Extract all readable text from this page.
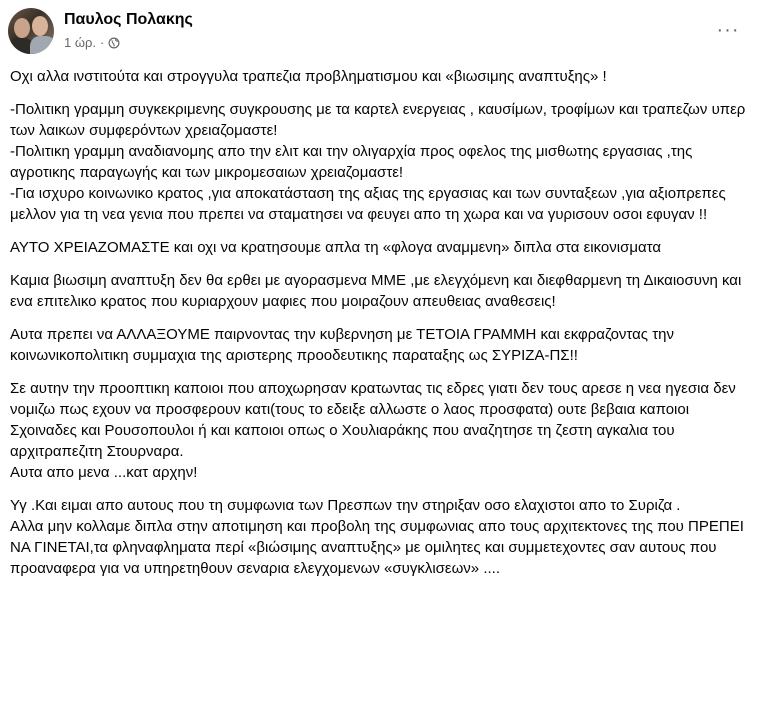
Παυλος Πολακης
1 ώρ. ·
···

Οχι αλλα ινστιτούτα και στρογγυλα τραπεζια προβληματισμου και «βιωσιμης αναπτυξης» !

-Πολιτικη γραμμη συγκεκριμενης συγκρουσης με τα καρτελ ενεργειας , καυσίμων, τροφίμων και τραπεζων υπερ των λαικων συμφερόντων χρειαζομαστε!
-Πολιτικη γραμμη αναδιανομης απο την ελιτ και την ολιγαρχία προς οφελος της μισθωτης εργασιας ,της αγροτικης παραγωγής και των μικρομεσαιων χρειαζομαστε!
-Για ισχυρο κοινωνικο κρατος ,για αποκατάσταση της αξιας της εργασιας και των συνταξεων ,για αξιοπρεπες μελλον για τη νεα γενια που πρεπει να σταματησει να φευγει απο τη χωρα και να γυρισουν οσοι εφυγαν !!

ΑΥΤΟ ΧΡΕΙΑΖΟΜΑΣΤΕ και οχι να κρατησουμε απλα τη «φλογα αναμμενη» διπλα στα εικονισματα

Καμια βιωσιμη αναπτυξη δεν θα ερθει με αγορασμενα ΜΜΕ ,με ελεγχόμενη και διεφθαρμενη τη Δικαιοσυνη και ενα επιτελικο κρατος που κυριαρχουν μαφιες που μοιραζουν απευθειας αναθεσεις!

Αυτα πρεπει να ΑΛΛΑΞΟΥΜΕ παιρνοντας την κυβερνηση με ΤΕΤΟΙΑ ΓΡΑΜΜΗ και εκφραζοντας την κοινωνικοπολιτικη συμμαχια της αριστερης προοδευτικης παραταξης ως ΣΥΡΙΖΑ-ΠΣ!!

Σε αυτην την προοπτικη καποιοι που αποχωρησαν κρατωντας τις εδρες γιατι δεν τους αρεσε η νεα ηγεσια δεν νομιζω πως εχουν να προσφερουν κατι(τους το εδειξε αλλωστε ο λαος προσφατα) ουτε βεβαια καποιοι Σχοιναδες και Ρουσοπουλοι ή και καποιοι οπως ο Χουλιαράκης που αναζητησε τη ζεστη αγκαλια του αρχιτραπεζιτη Στουρναρα.
Αυτα απο μενα ...κατ αρχην!

Υγ .Και ειμαι απο αυτους που τη συμφωνια των Πρεσπων την στηριξαν οσο ελαχιστοι απο το Συριζα .
Αλλα μην κολλαμε διπλα στην αποτιμηση και προβολη της συμφωνιας απο τους αρχιτεκτονες της που ΠΡΕΠΕΙ ΝΑ ΓΙΝΕΤΑΙ,τα φληναφληματα περί «βιώσιμης αναπτυξης» με ομιλητες και συμμετεχοντες σαν αυτους που προαναφερα για να υπηρετηθουν σεναρια ελεγχομενων «συγκλισεων» ....
